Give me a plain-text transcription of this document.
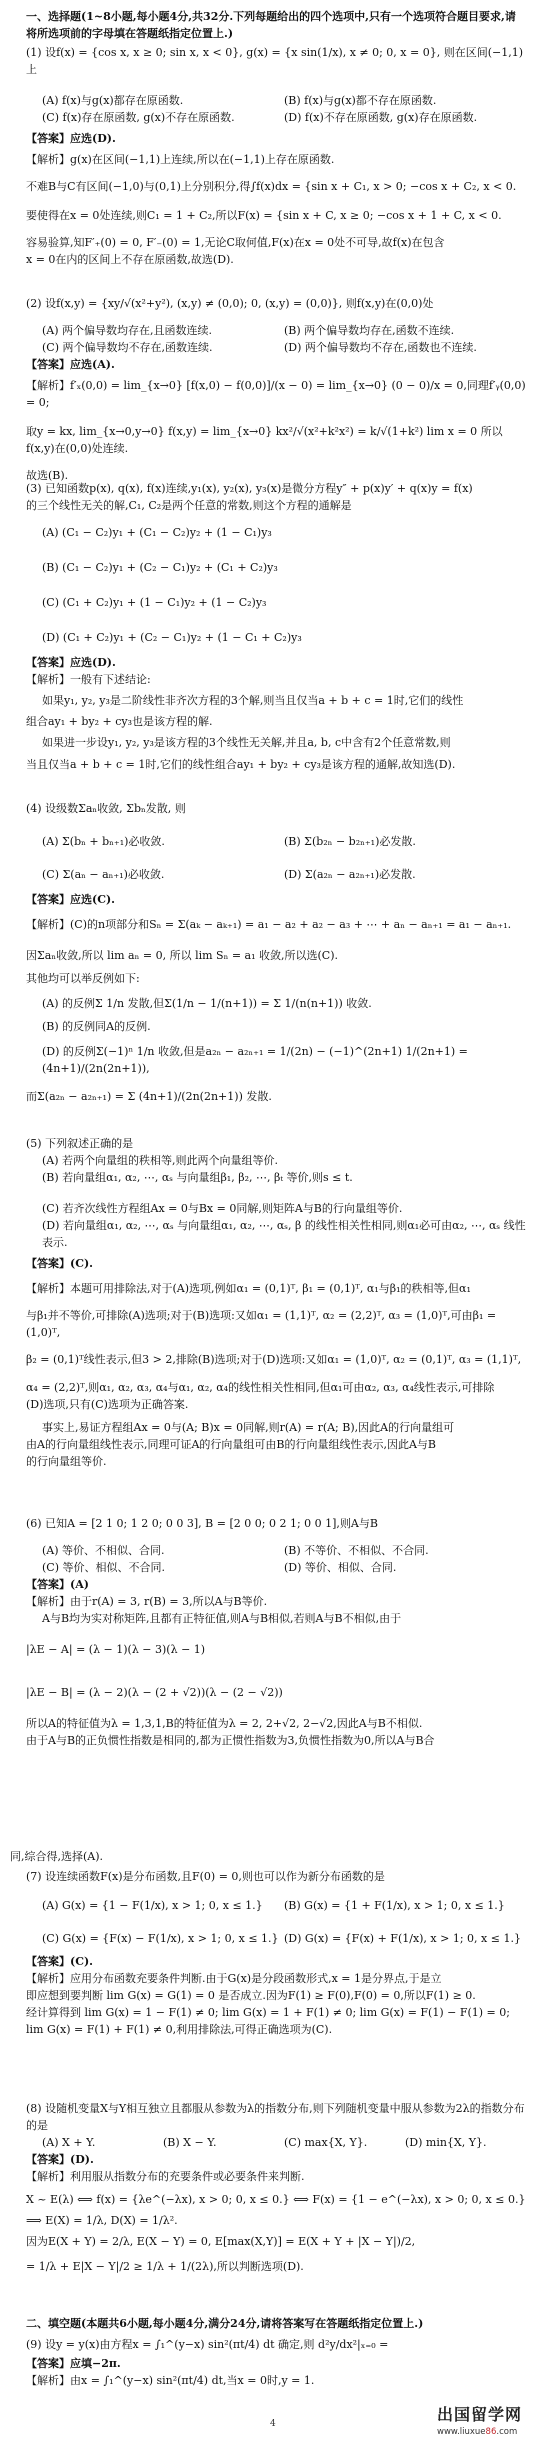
一、选择题(1~8小题,每小题4分,共32分.下列每题给出的四个选项中,只有一个选项符合题目要求,请将所选项前的字母填在答题纸指定位置上.)

(1) 设f(x) = {cos x, x ≥ 0; sin x, x < 0}, g(x) = {x sin(1/x), x ≠ 0; 0, x = 0}, 则在区间(−1,1)上

(A) f(x)与g(x)都存在原函数.	(B) f(x)与g(x)都不存在原函数.
(C) f(x)存在原函数, g(x)不存在原函数.	(D) f(x)不存在原函数, g(x)存在原函数.

【答案】应选(D).

【解析】g(x)在区间(−1,1)上连续,所以在(−1,1)上存在原函数.

不难B与C有区间(−1,0)与(0,1)上分别积分,得∫f(x)dx = {sin x + C₁, x > 0; −cos x + C₂, x < 0.

要使得在x = 0处连续,则C₁ = 1 + C₂,所以F(x) = {sin x + C, x ≥ 0; −cos x + 1 + C, x < 0.

容易验算,知F′₊(0) = 0, F′₋(0) = 1,无论C取何值,F(x)在x = 0处不可导,故f(x)在包含

x = 0在内的区间上不存在原函数,故选(D).

(2) 设f(x,y) = {xy/√(x²+y²), (x,y) ≠ (0,0); 0, (x,y) = (0,0)}, 则f(x,y)在(0,0)处

(A) 两个偏导数均存在,且函数连续.	(B) 两个偏导数均存在,函数不连续.
(C) 两个偏导数均不存在,函数连续.	(D) 两个偏导数均不存在,函数也不连续.

【答案】应选(A).

【解析】f′ₓ(0,0) = lim_{x→0} [f(x,0) − f(0,0)]/(x − 0) = lim_{x→0} (0 − 0)/x = 0,同理f′ᵧ(0,0) = 0;

取y = kx, lim_{x→0,y→0} f(x,y) = lim_{x→0} kx²/√(x²+k²x²) = k/√(1+k²) lim x = 0 所以f(x,y)在(0,0)处连续.

故选(B).

(3) 已知函数p(x), q(x), f(x)连续,y₁(x), y₂(x), y₃(x)是微分方程y″ + p(x)y′ + q(x)y = f(x)

的三个线性无关的解,C₁, C₂是两个任意的常数,则这个方程的通解是

(A) (C₁ − C₂)y₁ + (C₁ − C₂)y₂ + (1 − C₁)y₃

(B) (C₁ − C₂)y₁ + (C₂ − C₁)y₂ + (C₁ + C₂)y₃

(C) (C₁ + C₂)y₁ + (1 − C₁)y₂ + (1 − C₂)y₃

(D) (C₁ + C₂)y₁ + (C₂ − C₁)y₂ + (1 − C₁ + C₂)y₃

【答案】应选(D).

【解析】一般有下述结论:

如果y₁, y₂, y₃是二阶线性非齐次方程的3个解,则当且仅当a + b + c = 1时,它们的线性

组合ay₁ + by₂ + cy₃也是该方程的解.

如果进一步设y₁, y₂, y₃是该方程的3个线性无关解,并且a, b, c中含有2个任意常数,则

当且仅当a + b + c = 1时,它们的线性组合ay₁ + by₂ + cy₃是该方程的通解,故知选(D).

(4) 设级数Σaₙ收敛, Σbₙ发散, 则

(A) Σ(bₙ + bₙ₊₁)必收敛.	(B) Σ(b₂ₙ − b₂ₙ₊₁)必发散.
(C) Σ(aₙ − aₙ₊₁)必收敛.	(D) Σ(a₂ₙ − a₂ₙ₊₁)必发散.

【答案】应选(C).

【解析】(C)的n项部分和Sₙ = Σ(aₖ − aₖ₊₁) = a₁ − a₂ + a₂ − a₃ + ⋯ + aₙ − aₙ₊₁ = a₁ − aₙ₊₁.

因Σaₙ收敛,所以 lim aₙ = 0, 所以 lim Sₙ = a₁ 收敛,所以选(C).

其他均可以举反例如下:

(A) 的反例Σ 1/n 发散,但Σ(1/n − 1/(n+1)) = Σ 1/(n(n+1)) 收敛.

(B) 的反例同A的反例.

(D) 的反例Σ(−1)ⁿ 1/n 收敛,但是a₂ₙ − a₂ₙ₊₁ = 1/(2n) − (−1)^(2n+1) 1/(2n+1) = (4n+1)/(2n(2n+1)),

而Σ(a₂ₙ − a₂ₙ₊₁) = Σ (4n+1)/(2n(2n+1)) 发散.

(5) 下列叙述正确的是

(A) 若两个向量组的秩相等,则此两个向量组等价.

(B) 若向量组α₁, α₂, ⋯, αₛ 与向量组β₁, β₂, ⋯, βₜ 等价,则s ≤ t.

(C) 若齐次线性方程组Ax = 0与Bx = 0同解,则矩阵A与B的行向量组等价.

(D) 若向量组α₁, α₂, ⋯, αₛ 与向量组α₁, α₂, ⋯, αₛ, β 的线性相关性相同,则α₁必可由α₂, ⋯, αₛ 线性表示.

【答案】(C).

【解析】本题可用排除法,对于(A)选项,例如α₁ = (0,1)ᵀ, β₁ = (0,1)ᵀ, α₁与β₁的秩相等,但α₁

与β₁并不等价,可排除(A)选项;对于(B)选项:又如α₁ = (1,1)ᵀ, α₂ = (2,2)ᵀ, α₃ = (1,0)ᵀ,可由β₁ = (1,0)ᵀ,

β₂ = (0,1)ᵀ线性表示,但3 > 2,排除(B)选项;对于(D)选项:又如α₁ = (1,0)ᵀ, α₂ = (0,1)ᵀ, α₃ = (1,1)ᵀ,

α₄ = (2,2)ᵀ,则α₁, α₂, α₃, α₄与α₁, α₂, α₄的线性相关性相同,但α₁可由α₂, α₃, α₄线性表示,可排除

(D)选项,只有(C)选项为正确答案.

事实上,易证方程组Ax = 0与(A; B)x = 0同解,则r(A) = r(A; B),因此A的行向量组可

由A的行向量组线性表示,同理可证A的行向量组可由B的行向量组线性表示,因此A与B

的行向量组等价.

(6) 已知A = [2 1 0; 1 2 0; 0 0 3], B = [2 0 0; 0 2 1; 0 0 1],则A与B

(A) 等价、不相似、合同.	(B) 不等价、不相似、不合同.
(C) 等价、相似、不合同.	(D) 等价、相似、合同.

【答案】(A)

【解析】由于r(A) = 3, r(B) = 3,所以A与B等价.

A与B均为实对称矩阵,且都有正特征值,则A与B相似,若则A与B不相似,由于

|λE − A| = (λ − 1)(λ − 3)(λ − 1)

|λE − B| = (λ − 2)(λ − (2 + √2))(λ − (2 − √2))

所以A的特征值为λ = 1,3,1,B的特征值为λ = 2, 2+√2, 2−√2,因此A与B不相似.

由于A与B的正负惯性指数是相同的,都为正惯性指数为3,负惯性指数为0,所以A与B合

同,综合得,选择(A).

(7) 设连续函数F(x)是分布函数,且F(0) = 0,则也可以作为新分布函数的是

(A) G(x) = {1 − F(1/x), x > 1; 0, x ≤ 1.}	(B) G(x) = {1 + F(1/x), x > 1; 0, x ≤ 1.}
(C) G(x) = {F(x) − F(1/x), x > 1; 0, x ≤ 1.} (D) G(x) = {F(x) + F(1/x), x > 1; 0, x ≤ 1.}

【答案】(C).

【解析】应用分布函数充要条件判断.由于G(x)是分段函数形式,x = 1是分界点,于是立

即应想到要判断 lim G(x) = G(1) = 0 是否成立.因为F(1) ≥ F(0),F(0) = 0,所以F(1) ≥ 0.

经计算得到 lim G(x) = 1 − F(1) ≠ 0; lim G(x) = 1 + F(1) ≠ 0; lim G(x) = F(1) − F(1) = 0;

lim G(x) = F(1) + F(1) ≠ 0,利用排除法,可得正确选项为(C).

(8) 设随机变量X与Y相互独立且都服从参数为λ的指数分布,则下列随机变量中服从参数为2λ的指数分布的是

(A) X + Y.	(B) X − Y.	(C) max{X, Y}.	(D) min{X, Y}.

【答案】(D).

【解析】利用服从指数分布的充要条件或必要条件来判断.

X ~ E(λ) ⟺ f(x) = {λe^(−λx), x > 0; 0, x ≤ 0.} ⟺ F(x) = {1 − e^(−λx), x > 0; 0, x ≤ 0.}

⟹ E(X) = 1/λ, D(X) = 1/λ².

因为E(X + Y) = 2/λ, E(X − Y) = 0, E[max(X,Y)] = E(X + Y + |X − Y|)/2,

= 1/λ + E|X − Y|/2 ≥ 1/λ + 1/(2λ),所以判断选项(D).

二、填空题(本题共6小题,每小题4分,满分24分,请将答案写在答题纸指定位置上.)

(9) 设y = y(x)由方程x = ∫₁^(y−x) sin²(πt/4) dt 确定,则 d²y/dx²|ₓ₌₀ =

【答案】应填−2π.

【解析】由x = ∫₁^(y−x) sin²(πt/4) dt,当x = 0时,y = 1.

4	出国留学网
www.liuxue86.com
